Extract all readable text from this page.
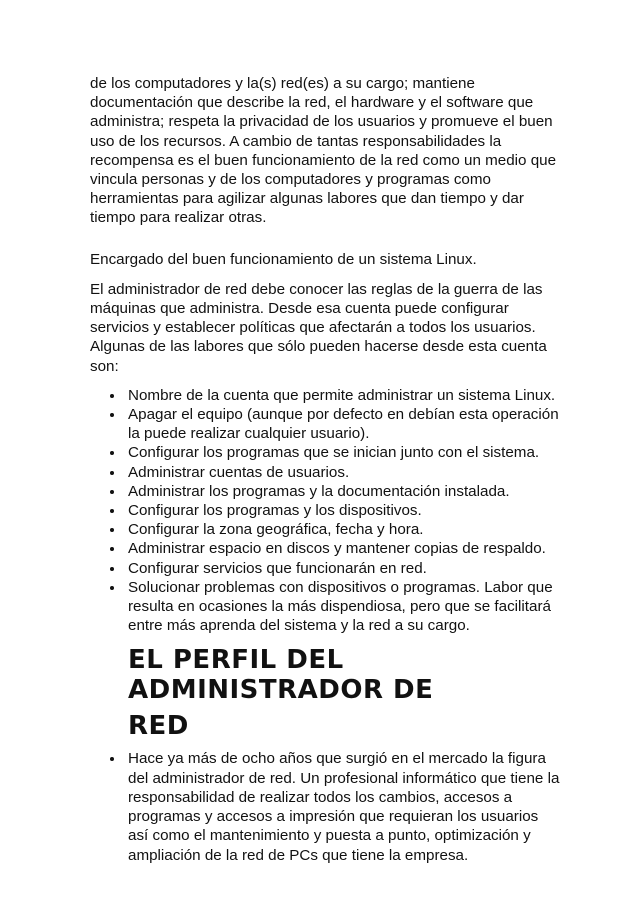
de los computadores y la(s) red(es) a su cargo; mantiene documentación que describe la red, el hardware y el software que administra; respeta la privacidad de los usuarios y promueve el buen uso de los recursos. A cambio de tantas responsabilidades la recompensa es el buen funcionamiento de la red como un medio que vincula personas y de los computadores y programas como herramientas para agilizar algunas labores que dan tiempo y dar tiempo para realizar otras.

Encargado del buen funcionamiento de un sistema Linux.

El administrador de red debe conocer las reglas de la guerra de las máquinas que administra. Desde esa cuenta puede configurar servicios y establecer políticas que afectarán a todos los usuarios. Algunas de las labores que sólo pueden hacerse desde esta cuenta son:

Nombre de la cuenta que permite administrar un sistema Linux.
Apagar el equipo (aunque por defecto en debían esta operación la puede realizar cualquier usuario).
Configurar los programas que se inician junto con el sistema.
Administrar cuentas de usuarios.
Administrar los programas y la documentación instalada.
Configurar los programas y los dispositivos.
Configurar la zona geográfica, fecha y hora.
Administrar espacio en discos y mantener copias de respaldo.
Configurar servicios que funcionarán en red.
Solucionar problemas con dispositivos o programas. Labor que resulta en ocasiones la más dispendiosa, pero que se facilitará entre más aprenda del sistema y la red a su cargo.
EL PERFIL DEL ADMINISTRADOR DE
RED
Hace ya más de ocho años que surgió en el mercado la figura del administrador de red. Un profesional informático que tiene la responsabilidad de realizar todos los cambios, accesos a programas y accesos a impresión que requieran los usuarios así como el mantenimiento y puesta a punto, optimización y ampliación de la red de PCs que tiene la empresa.
